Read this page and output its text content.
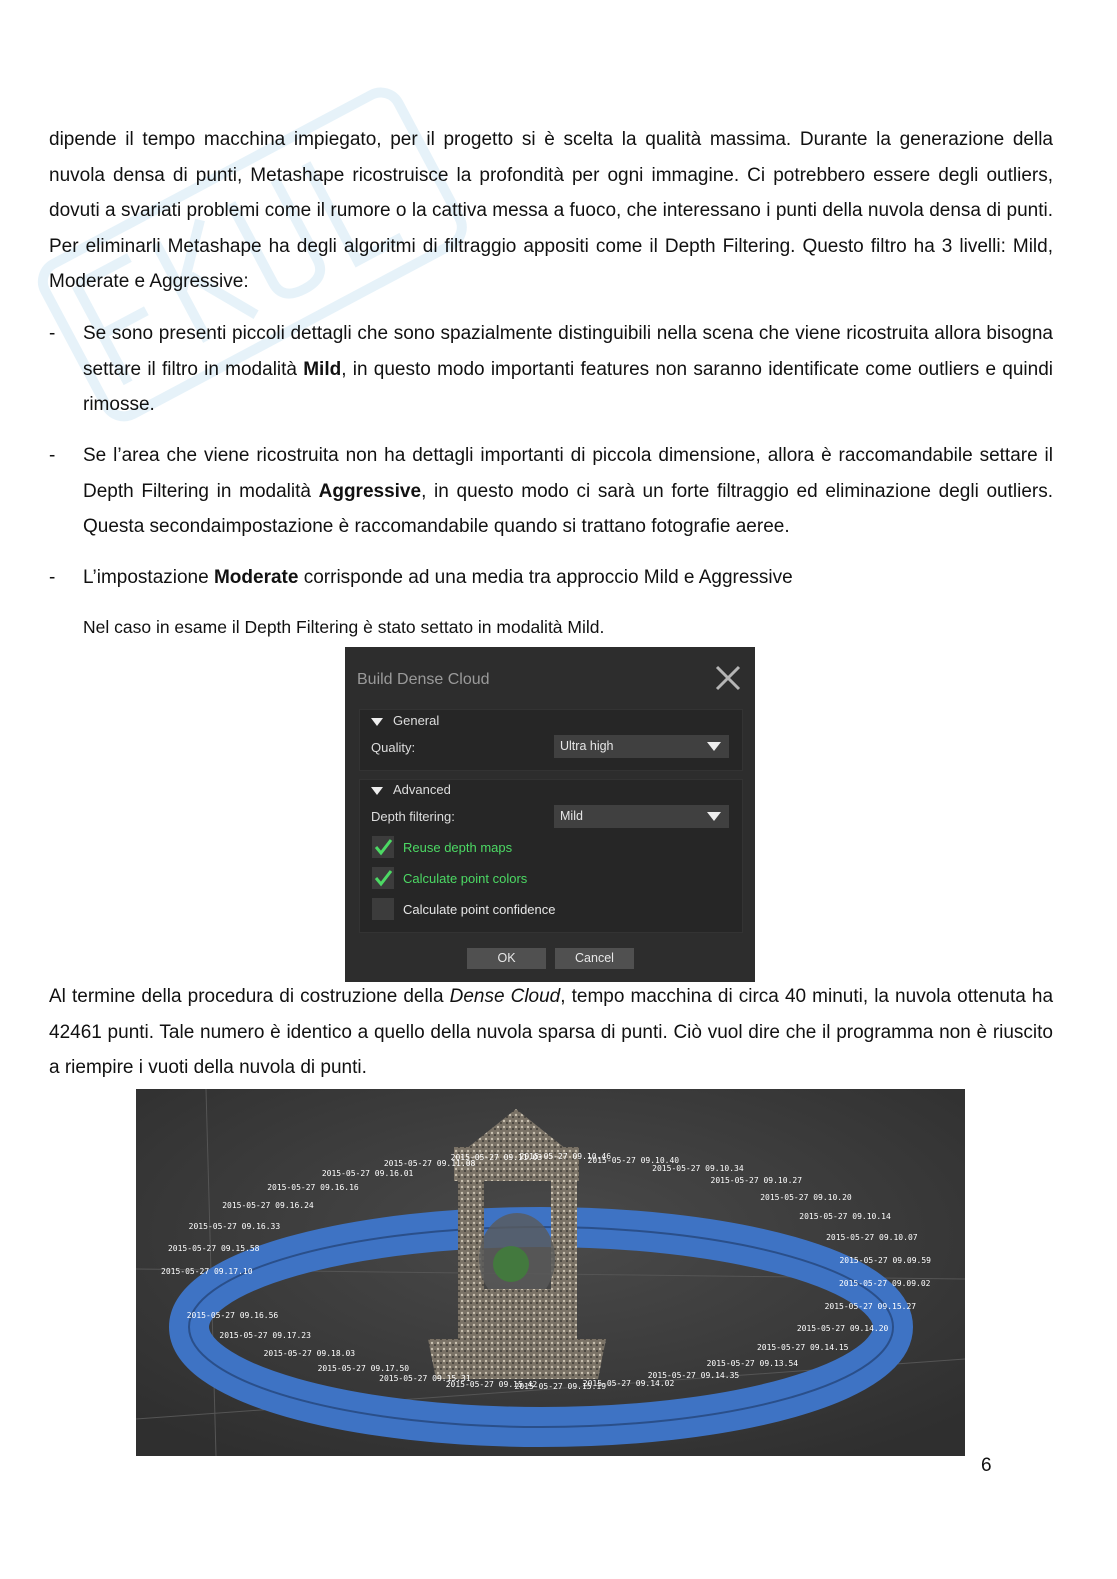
dipende il tempo macchina impiegato, per il progetto si è scelta la qualità massima. Durante la generazione della nuvola densa di punti, Metashape ricostruisce la profondità per ogni immagine. Ci potrebbero essere degli outliers, dovuti a svariati problemi come il rumore o la cattiva messa a fuoco, che interessano i punti della nuvola densa di punti. Per eliminarli Metashape ha degli algoritmi di filtraggio appositi come il Depth Filtering. Questo filtro ha 3 livelli: Mild, Moderate e Aggressive:

- Se sono presenti piccoli dettagli che sono spazialmente distinguibili nella scena che viene ricostruita allora bisogna settare il filtro in modalità Mild, in questo modo importanti features non saranno identificate come outliers e quindi rimosse.
- Se l’area che viene ricostruita non ha dettagli importanti di piccola dimensione, allora è raccomandabile settare il Depth Filtering in modalità Aggressive, in questo modo ci sarà un forte filtraggio ed eliminazione degli outliers. Questa secondaimpostazione è raccomandabile quando si trattano fotografie aeree.
- L’impostazione Moderate corrisponde ad una media tra approccio Mild e Aggressive
Nel caso in esame il Depth Filtering è stato settato in modalità Mild.
Build Dense Cloud
General
Quality:	Ultra high
Advanced
Depth filtering:	Mild
Reuse depth maps
Calculate point colors
Calculate point confidence
OK	Cancel

Al termine della procedura di costruzione della Dense Cloud, tempo macchina di circa 40 minuti, la nuvola ottenuta ha 42461 punti. Tale numero è identico a quello della nuvola sparsa di punti. Ciò vuol dire che il programma non è riuscito a riempire i vuoti della nuvola di punti.

2015-05-27 09.17.10
2015-05-27 09.15.58
2015-05-27 09.16.33
2015-05-27 09.16.24
2015-05-27 09.16.16
2015-05-27 09.16.01
2015-05-27 09.11.08
2015-05-27 09.11.03
2015-05-27 09.10.46
2015-05-27 09.10.40
2015-05-27 09.10.34
2015-05-27 09.10.27
2015-05-27 09.10.20
2015-05-27 09.10.14
2015-05-27 09.10.07
2015-05-27 09.09.59
2015-05-27 09.09.02
2015-05-27 09.15.27
2015-05-27 09.14.20
2015-05-27 09.14.15
2015-05-27 09.13.54
2015-05-27 09.14.35
2015-05-27 09.14.02
2015-05-27 09.15.19
2015-05-27 09.15.42
2015-05-27 09.15.31
2015-05-27 09.17.50
2015-05-27 09.18.03
2015-05-27 09.17.23
2015-05-27 09.16.56
6
